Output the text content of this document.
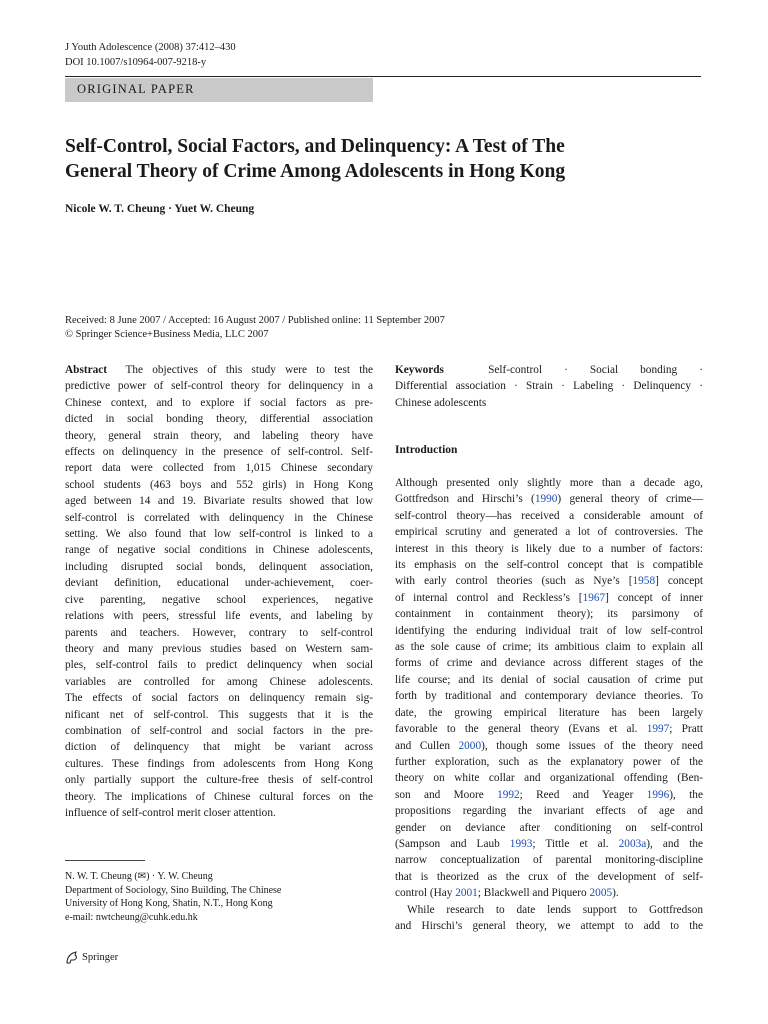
J Youth Adolescence (2008) 37:412–430
DOI 10.1007/s10964-007-9218-y
ORIGINAL PAPER
Self-Control, Social Factors, and Delinquency: A Test of The
General Theory of Crime Among Adolescents in Hong Kong
Nicole W. T. Cheung · Yuet W. Cheung
Received: 8 June 2007 / Accepted: 16 August 2007 / Published online: 11 September 2007
© Springer Science+Business Media, LLC 2007
Abstract The objectives of this study were to test the
predictive power of self-control theory for delinquency in a
Chinese context, and to explore if social factors as pre-
dicted in social bonding theory, differential association
theory, general strain theory, and labeling theory have
effects on delinquency in the presence of self-control. Self-
report data were collected from 1,015 Chinese secondary
school students (463 boys and 552 girls) in Hong Kong
aged between 14 and 19. Bivariate results showed that low
self-control is correlated with delinquency in the Chinese
setting. We also found that low self-control is linked to a
range of negative social conditions in Chinese adolescents,
including disrupted social bonds, delinquent association,
deviant definition, educational under-achievement, coer-
cive parenting, negative school experiences, negative
relations with peers, stressful life events, and labeling by
parents and teachers. However, contrary to self-control
theory and many previous studies based on Western sam-
ples, self-control fails to predict delinquency when social
variables are controlled for among Chinese adolescents.
The effects of social factors on delinquency remain sig-
nificant net of self-control. This suggests that it is the
combination of self-control and social factors in the pre-
diction of delinquency that might be variant across
cultures. These findings from adolescents from Hong Kong
only partially support the culture-free thesis of self-control
theory. The implications of Chinese cultural forces on the
influence of self-control merit closer attention.
Keywords	Self-control · Social bonding ·
Differential association · Strain · Labeling · Delinquency ·
Chinese adolescents
Introduction
Although presented only slightly more than a decade ago,
Gottfredson and Hirschi’s (1990) general theory of crime—
self-control theory—has received a considerable amount of
empirical scrutiny and generated a lot of controversies. The
interest in this theory is likely due to a number of factors:
its emphasis on the self-control concept that is compatible
with early control theories (such as Nye’s [1958] concept
of internal control and Reckless’s [1967] concept of inner
containment in containment theory); its parsimony of
identifying the enduring individual trait of low self-control
as the sole cause of crime; its ambitious claim to explain all
forms of crime and deviance across different stages of the
life course; and its denial of social causation of crime put
forth by traditional and contemporary deviance theories. To
date, the growing empirical literature has been largely
favorable to the general theory (Evans et al. 1997; Pratt
and Cullen 2000), though some issues of the theory need
further exploration, such as the explanatory power of the
theory on white collar and organizational offending (Ben-
son and Moore 1992; Reed and Yeager 1996), the
propositions regarding the invariant effects of age and
gender on deviance after conditioning on self-control
(Sampson and Laub 1993; Tittle et al. 2003a), and the
narrow conceptualization of parental monitoring-discipline
that is theorized as the crux of the development of self-
control (Hay 2001; Blackwell and Piquero 2005).
While research to date lends support to Gottfredson
and Hirschi’s general theory, we attempt to add to the
N. W. T. Cheung (✉) · Y. W. Cheung
Department of Sociology, Sino Building, The Chinese
University of Hong Kong, Shatin, N.T., Hong Kong
e-mail: nwtcheung@cuhk.edu.hk
Springer
